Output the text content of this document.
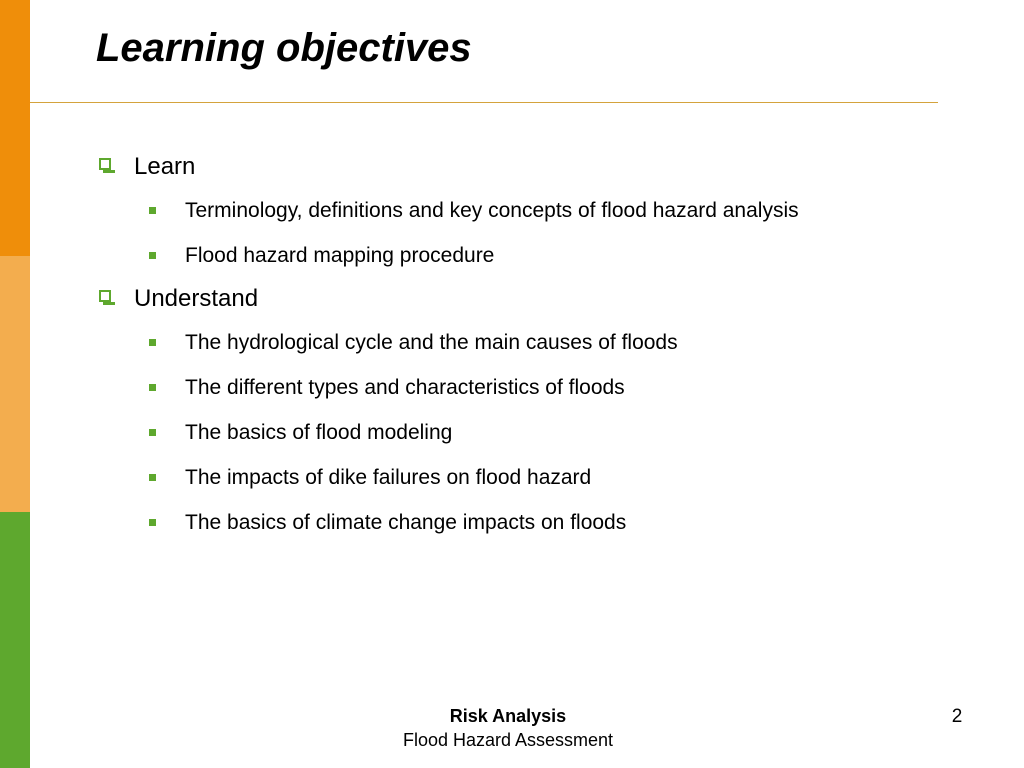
Learning objectives
Learn
Terminology, definitions and key concepts of flood hazard analysis
Flood hazard mapping procedure
Understand
The hydrological cycle and the main causes of floods
The different types and characteristics of floods
The basics of flood modeling
The impacts of dike failures on flood hazard
The basics of climate change impacts on floods
Risk Analysis
Flood Hazard Assessment
2
